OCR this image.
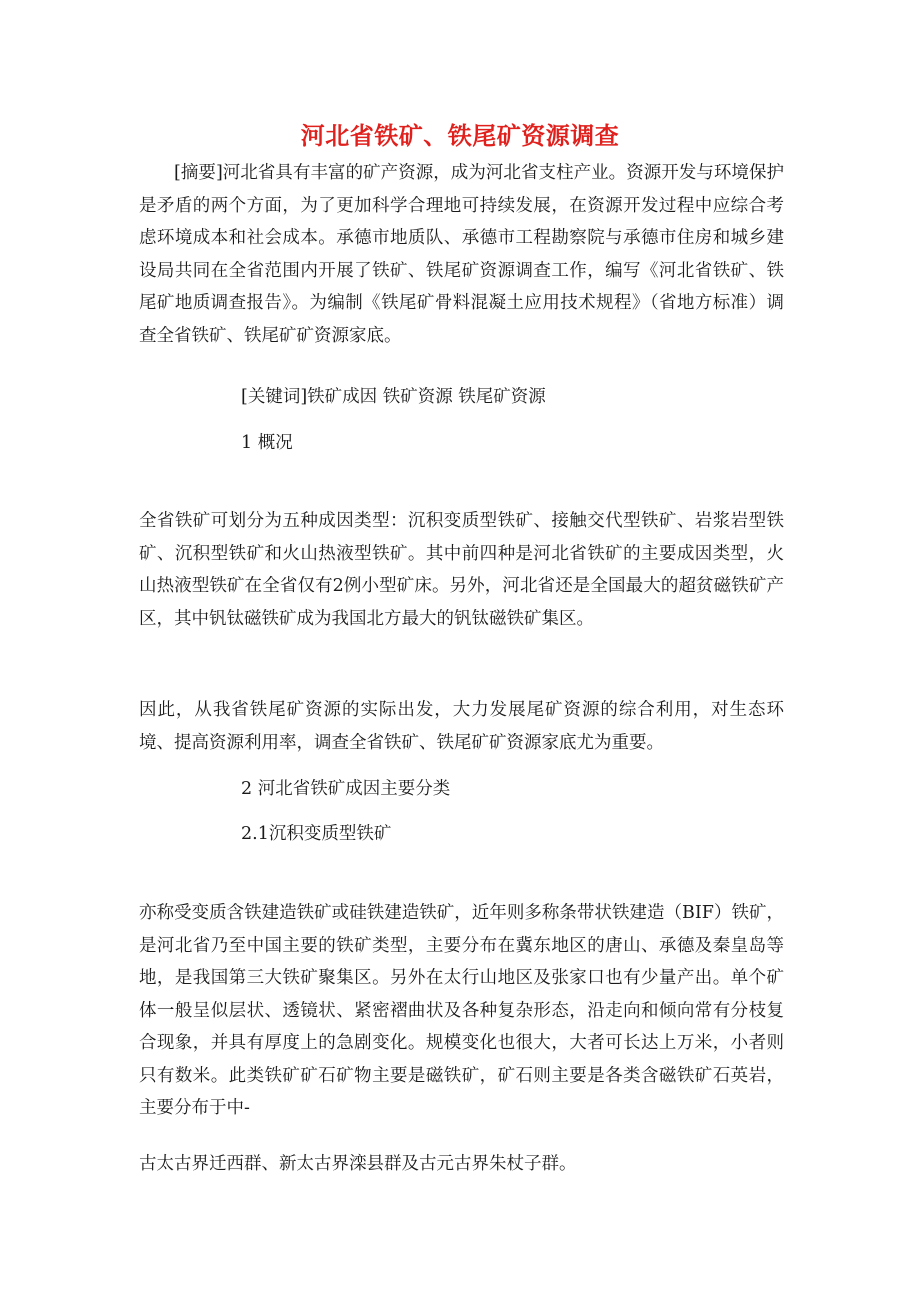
河北省铁矿、铁尾矿资源调查
[摘要]河北省具有丰富的矿产资源，成为河北省支柱产业。资源开发与环境保护是矛盾的两个方面，为了更加科学合理地可持续发展，在资源开发过程中应综合考虑环境成本和社会成本。承德市地质队、承德市工程勘察院与承德市住房和城乡建设局共同在全省范围内开展了铁矿、铁尾矿资源调查工作，编写《河北省铁矿、铁尾矿地质调查报告》。为编制《铁尾矿骨料混凝土应用技术规程》（省地方标准）调查全省铁矿、铁尾矿矿资源家底。
[关键词]铁矿成因 铁矿资源 铁尾矿资源
1 概况
全省铁矿可划分为五种成因类型：沉积变质型铁矿、接触交代型铁矿、岩浆岩型铁矿、沉积型铁矿和火山热液型铁矿。其中前四种是河北省铁矿的主要成因类型，火山热液型铁矿在全省仅有2例小型矿床。另外，河北省还是全国最大的超贫磁铁矿产区，其中钒钛磁铁矿成为我国北方最大的钒钛磁铁矿集区。
因此，从我省铁尾矿资源的实际出发，大力发展尾矿资源的综合利用，对生态环境、提高资源利用率，调查全省铁矿、铁尾矿矿资源家底尤为重要。
2 河北省铁矿成因主要分类
2.1沉积变质型铁矿
亦称受变质含铁建造铁矿或硅铁建造铁矿，近年则多称条带状铁建造（BIF）铁矿，是河北省乃至中国主要的铁矿类型，主要分布在冀东地区的唐山、承德及秦皇岛等地，是我国第三大铁矿聚集区。另外在太行山地区及张家口也有少量产出。单个矿体一般呈似层状、透镜状、紧密褶曲状及各种复杂形态，沿走向和倾向常有分枝复合现象，并具有厚度上的急剧变化。规模变化也很大，大者可长达上万米，小者则只有数米。此类铁矿矿石矿物主要是磁铁矿，矿石则主要是各类含磁铁矿石英岩，主要分布于中-
古太古界迁西群、新太古界滦县群及古元古界朱杖子群。
